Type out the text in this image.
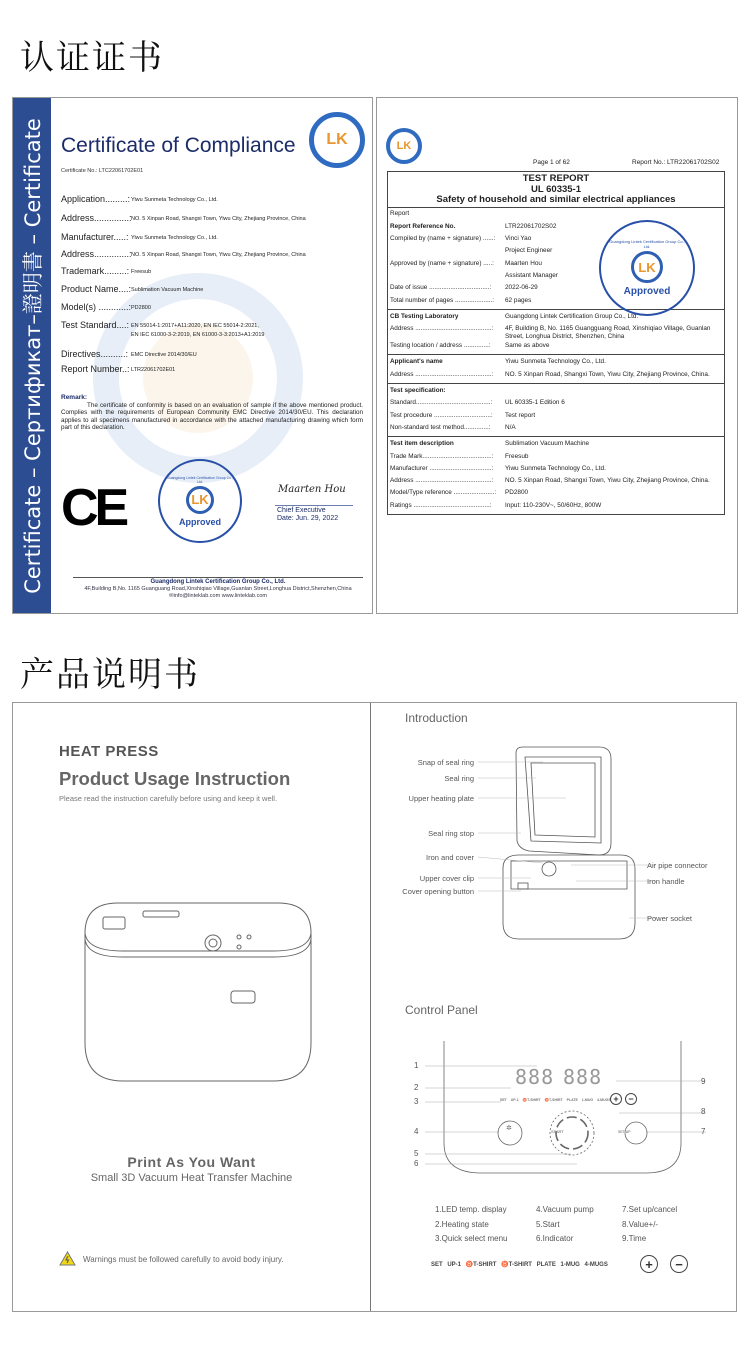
认证证书
Certificate – Сертификат–證明書 – Certificate Certificate of Compliance LK
Certificate No.: LTC22061702E01
Remark:
The certificate of conformity is based on an evaluation of sample if the above mentioned product. Complies with the requirements of European Community EMC Directive 2014/30/EU. This declaration applies to all specimens manufactured in accordance with the attached manufacturing drawing which form part of this declaration.
CE
Guangdong Lintek Certification Group Co., Ltd.
LK
Approved
Maarten Hou
Chief Executive
Date: Jun. 29, 2022
Guangdong Lintek Certification Group Co., Ltd.
4F,Building B,No. 1165 Guanguang Road,Xinshiqiao Village,Guanlan Street,Longhua District,Shenzhen,China
✉info@linteklab.com www.linteklab.com
Application.........: Yiwu Sunmeta Technology Co., Ltd.
Address..............: NO. 5 Xinpan Road, Shangxi Town, Yiwu City, Zhejiang Province, China
Manufacturer.....: Yiwu Sunmeta Technology Co., Ltd.
Address..............: NO. 5 Xinpan Road, Shangxi Town, Yiwu City, Zhejiang Province, China
Trademark.........: Freesub
Product Name....: Sublimation Vacuum Machine
Model(s) ............: PD2800
Test Standard....: EN 55014-1:2017+A11:2020, EN IEC 55014-2:2021,
EN IEC 61000-3-2:2019, EN 61000-3-3:2013+A1:2019
Directives..........: EMC Directive 2014/30/EU
Report Number..: LTR22061702E01
LK
Page 1 of 62	Report No.: LTR22061702S02
TEST REPORT
UL 60335-1
Safety of household and similar electrical appliances
Report
Report Reference No.	LTR22061702S02
Compiled by (name + signature) ......:	Vinci Yao
Project Engineer
Approved by (name + signature) .....:	Maarten Hou
Assistant Manager
Date of issue ..................................:	2022-06-29
Total number of pages .....................:	62 pages
CB Testing Laboratory	Guangdong Lintek Certification Group Co., Ltd.
Address ...........................................:	4F, Building B, No. 1165 Guangguang Road, Xinshiqiao Village, Guanlan Street, Longhua District, Shenzhen, China
Testing location / address ..............:	Same as above
Applicant's name	Yiwu Sunmeta Technology Co., Ltd.
Address ...........................................:	NO. 5 Xinpan Road, Shangxi Town, Yiwu City, Zhejiang Province, China.
Test specification:
Standard..........................................:	UL 60335-1 Edition 6
Test procedure ................................:	Test report
Non-standard test method..............:	N/A
Test item description	Sublimation Vacuum Machine
Trade Mark.......................................:	Freesub
Manufacturer ...................................:	Yiwu Sunmeta Technology Co., Ltd.
Address ...........................................:	NO. 5 Xinpan Road, Shangxi Town, Yiwu City, Zhejiang Province, China.
Model/Type reference .......................:	PD2800
Ratings ...........................................:	Input: 110-230V~, 50/60Hz, 800W
Guangdong Lintek Certification Group Co., Ltd.
LK
Approved
产品说明书
HEAT PRESS
Product Usage Instruction
Please read the instruction carefully before using and keep it well.
Print As You Want
Small 3D Vacuum Heat Transfer Machine
Warnings must be followed carefully to avoid body injury.
Introduction
Control Panel
888 888
SET UP-1 ♉T-SHIRT ♉T-SHIRT PLATE 1-MUG 4-MUGS +	−
START	SET UP
✲
SET UP-1 ♉T-SHIRT ♉T-SHIRT PLATE 1-MUG 4-MUGS	+	−
Snap of seal ring
Seal ring
Upper heating plate
Seal ring stop
Iron and cover
Upper cover clip
Cover opening button
Air pipe connector
Iron handle
Power socket
1
2
3
4
5
6
7
8
9
1.LED temp. display
2.Heating state
3.Quick select menu
4.Vacuum pump
5.Start
6.Indicator
7.Set up/cancel
8.Value+/-
9.Time
